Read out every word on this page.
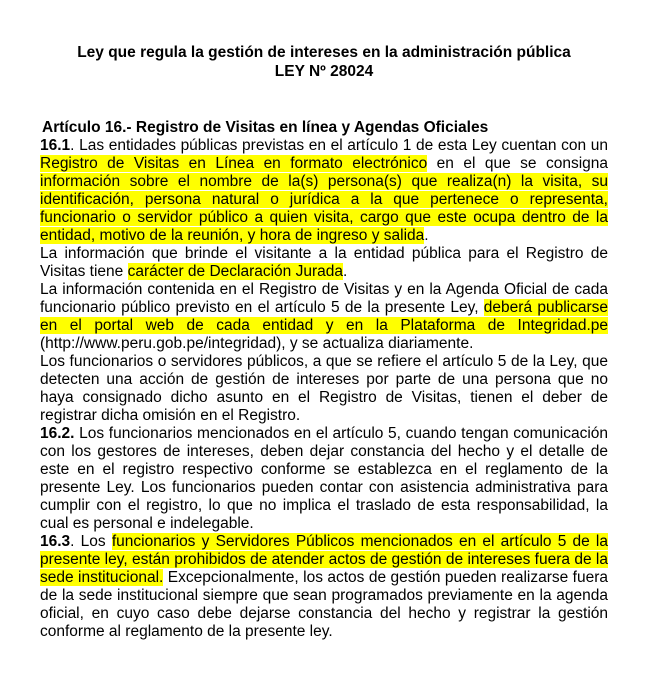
Ley que regula la gestión de intereses en la administración pública
LEY Nº 28024
Artículo 16.- Registro de Visitas en línea y Agendas Oficiales

16.1. Las entidades públicas previstas en el artículo 1 de esta Ley cuentan con un Registro de Visitas en Línea en formato electrónico en el que se consigna información sobre el nombre de la(s) persona(s) que realiza(n) la visita, su identificación, persona natural o jurídica a la que pertenece o representa, funcionario o servidor público a quien visita, cargo que este ocupa dentro de la entidad, motivo de la reunión, y hora de ingreso y salida.

La información que brinde el visitante a la entidad pública para el Registro de Visitas tiene carácter de Declaración Jurada.

La información contenida en el Registro de Visitas y en la Agenda Oficial de cada funcionario público previsto en el artículo 5 de la presente Ley, deberá publicarse en el portal web de cada entidad y en la Plataforma de Integridad.pe (http://www.peru.gob.pe/integridad), y se actualiza diariamente.

Los funcionarios o servidores públicos, a que se refiere el artículo 5 de la Ley, que detecten una acción de gestión de intereses por parte de una persona que no haya consignado dicho asunto en el Registro de Visitas, tienen el deber de registrar dicha omisión en el Registro.

16.2. Los funcionarios mencionados en el artículo 5, cuando tengan comunicación con los gestores de intereses, deben dejar constancia del hecho y el detalle de este en el registro respectivo conforme se establezca en el reglamento de la presente Ley. Los funcionarios pueden contar con asistencia administrativa para cumplir con el registro, lo que no implica el traslado de esta responsabilidad, la cual es personal e indelegable.

16.3. Los funcionarios y Servidores Públicos mencionados en el artículo 5 de la presente ley, están prohibidos de atender actos de gestión de intereses fuera de la sede institucional. Excepcionalmente, los actos de gestión pueden realizarse fuera de la sede institucional siempre que sean programados previamente en la agenda oficial, en cuyo caso debe dejarse constancia del hecho y registrar la gestión conforme al reglamento de la presente ley.
